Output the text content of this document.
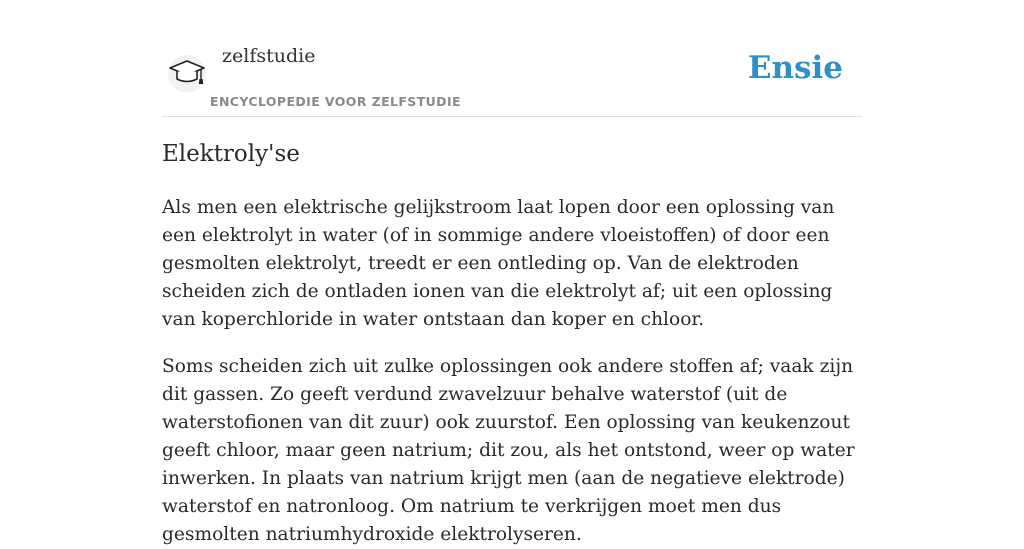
zelfstudie
ENCYCLOPEDIE VOOR ZELFSTUDIE
Ensie
Elektroly'se

Als men een elektrische gelijkstroom laat lopen door een oplossing van een elektrolyt in water (of in sommige andere vloeistoffen) of door een gesmolten elektrolyt, treedt er een ontleding op. Van de elektroden scheiden zich de ontladen ionen van die elektrolyt af; uit een oplossing van koperchloride in water ontstaan dan koper en chloor.

Soms scheiden zich uit zulke oplossingen ook andere stoffen af; vaak zijn dit gassen. Zo geeft verdund zwavelzuur behalve waterstof (uit de waterstofionen van dit zuur) ook zuurstof. Een oplossing van keukenzout geeft chloor, maar geen natrium; dit zou, als het ontstond, weer op water inwerken. In plaats van natrium krijgt men (aan de negatieve elektrode) waterstof en natronloog. Om natrium te verkrijgen moet men dus gesmolten natriumhydroxide elektrolyseren.
